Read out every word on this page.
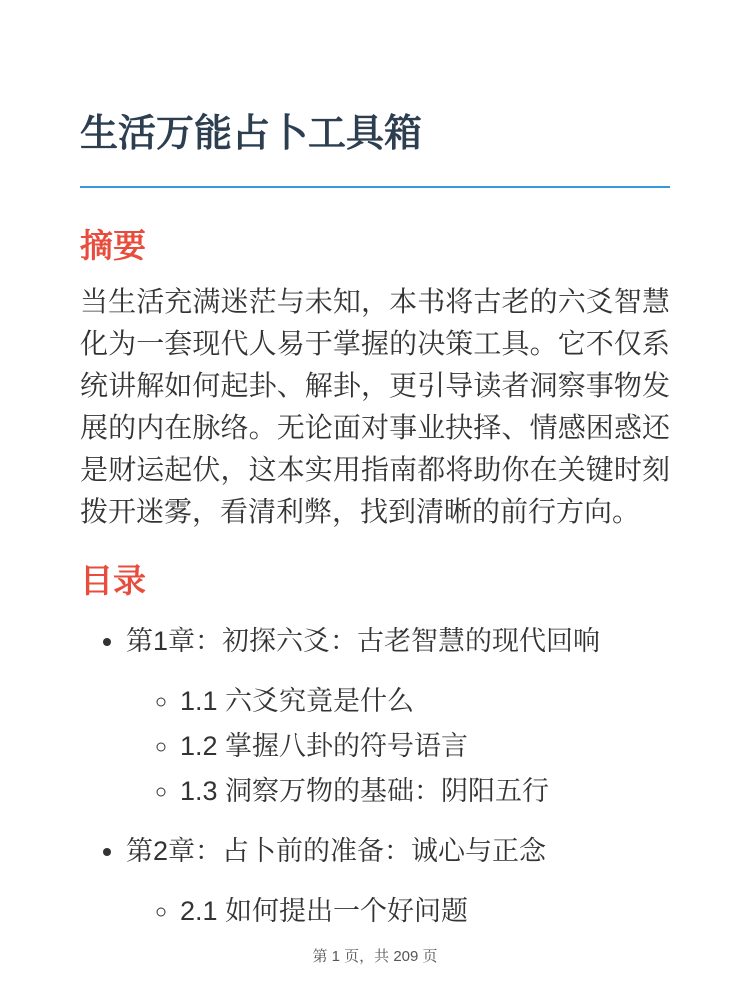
生活万能占卜工具箱
摘要

当生活充满迷茫与未知，本书将古老的六爻智慧化为一套现代人易于掌握的决策工具。它不仅系统讲解如何起卦、解卦，更引导读者洞察事物发展的内在脉络。无论面对事业抉择、情感困惑还是财运起伏，这本实用指南都将助你在关键时刻拨开迷雾，看清利弊，找到清晰的前行方向。

目录
• 第1章：初探六爻：古老智慧的现代回响
◦ 1.1 六爻究竟是什么
◦ 1.2 掌握八卦的符号语言
◦ 1.3 洞察万物的基础：阴阳五行
• 第2章：占卜前的准备：诚心与正念
◦ 2.1 如何提出一个好问题
第 1 页，共 209 页
